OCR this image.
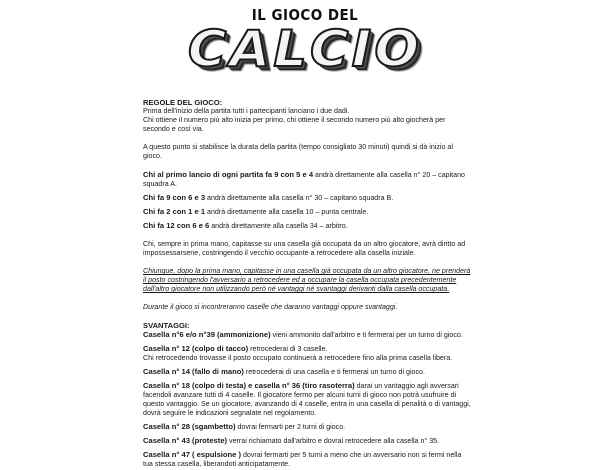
IL GIOCO DEL
CALCIO

REGOLE DEL GIOCO:

Prima dell'inizio della partita tutti i partecipanti lanciano i due dadi.

Chi ottiene il numero più alto inizia per primo, chi ottiene il secondo numero più alto giocherà per secondo e così via.

A questo punto si stabilisce la durata della partita (tempo consigliato 30 minuti) quindi si dà inizio al gioco.

Chi al primo lancio di ogni partita fa 9 con 5 e 4 andrà direttamente alla casella n° 20 – capitano squadra A.

Chi fa 9 con 6 e 3 andrà direttamente alla casella n° 30 – capitano squadra B.

Chi fa 2 con 1 e 1 andrà direttamente alla casella 10 – punta centrale.

Chi fa 12 con 6 e 6 andrà direttamente alla casella 34 – arbitro.

Chi, sempre in prima mano, capitasse su una casella già occupata da un altro giocatore, avrà diritto ad impossessarsene, costringendo il vecchio occupante a retrocedere alla casella iniziale.

Chiunque, dopo la prima mano, capitasse in una casella già occupata da un altro giocatore, ne prenderà il posto costringendo l'avversario a retrocedere ed a occupare la casella occupata precedentemente dall'altro giocatore non utilizzando però né vantaggi né svantaggi derivanti dalla casella occupata.

Durante il gioco si incontreranno caselle che daranno vantaggi oppure svantaggi.

SVANTAGGI:

Casella n°6 e/o n°39 (ammonizione) vieni ammonito dall'arbitro e ti fermerai per un turno di gioco.

Casella n° 12 (colpo di tacco) retrocederai di 3 caselle.

Chi retrocedendo trovasse il posto occupato continuerà a retrocedere fino alla prima casella libera.

Casella n° 14 (fallo di mano) retrocederai di una casella e ti fermerai un turno di gioco.

Casella n° 18 (colpo di testa) e casella n° 36 (tiro rasoterra) darai un vantaggio agli avversari facendoli avanzare tutti di 4 caselle. Il giocatore fermo per alcuni turni di gioco non potrà usufruire di questo vantaggio. Se un giocatore, avanzando di 4 caselle, entra in una casella di penalità o di vantaggi, dovrà seguire le indicazioni segnalate nel regolamento.

Casella n° 28 (sgambetto) dovrai fermarti per 2 turni di gioco.

Casella n° 43 (proteste) verrai richiamato dall'arbitro e dovrai retrocedere alla casella n° 35.

Casella n° 47 ( espulsione ) dovrai fermarti per 5 turni a meno che un avversario non si fermi nella tua stessa casella, liberandoti anticipatamente.
